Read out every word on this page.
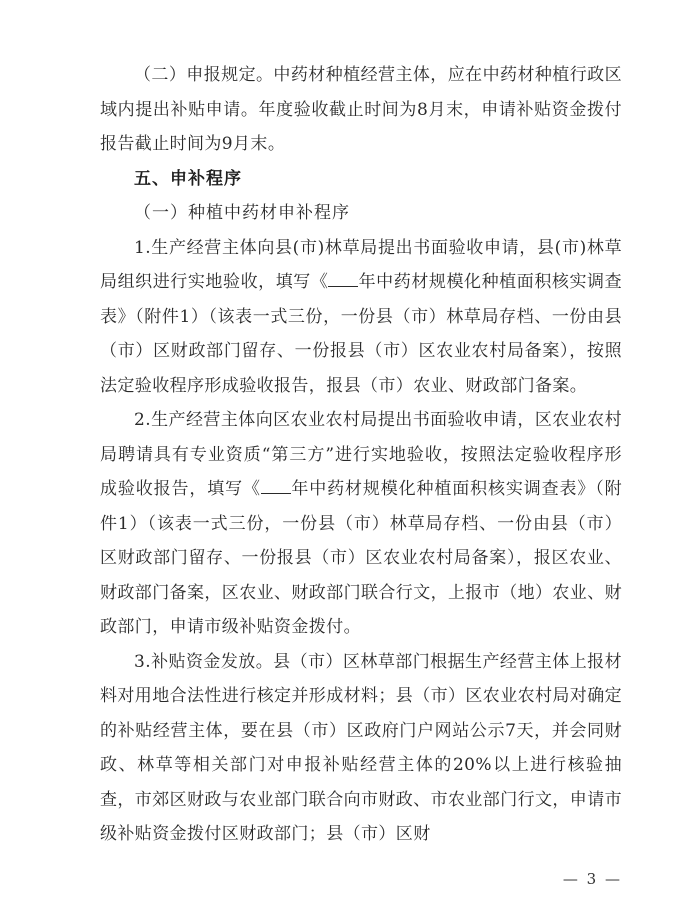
（二）申报规定。中药材种植经营主体，应在中药材种植行政区域内提出补贴申请。年度验收截止时间为8月末，申请补贴资金拨付报告截止时间为9月末。

五、申补程序

（一）种植中药材申补程序

1.生产经营主体向县(市)林草局提出书面验收申请，县(市)林草局组织进行实地验收，填写《 年中药材规模化种植面积核实调查表》（附件1）（该表一式三份，一份县（市）林草局存档、一份由县（市）区财政部门留存、一份报县（市）区农业农村局备案），按照法定验收程序形成验收报告，报县（市）农业、财政部门备案。

2.生产经营主体向区农业农村局提出书面验收申请，区农业农村局聘请具有专业资质“第三方”进行实地验收，按照法定验收程序形成验收报告，填写《 年中药材规模化种植面积核实调查表》（附件1）（该表一式三份，一份县（市）林草局存档、一份由县（市）区财政部门留存、一份报县（市）区农业农村局备案），报区农业、财政部门备案，区农业、财政部门联合行文，上报市（地）农业、财政部门，申请市级补贴资金拨付。

3.补贴资金发放。县（市）区林草部门根据生产经营主体上报材料对用地合法性进行核定并形成材料；县（市）区农业农村局对确定的补贴经营主体，要在县（市）区政府门户网站公示7天，并会同财政、林草等相关部门对申报补贴经营主体的20%以上进行核验抽查，市郊区财政与农业部门联合向市财政、市农业部门行文，申请市级补贴资金拨付区财政部门；县（市）区财

— 3 —
